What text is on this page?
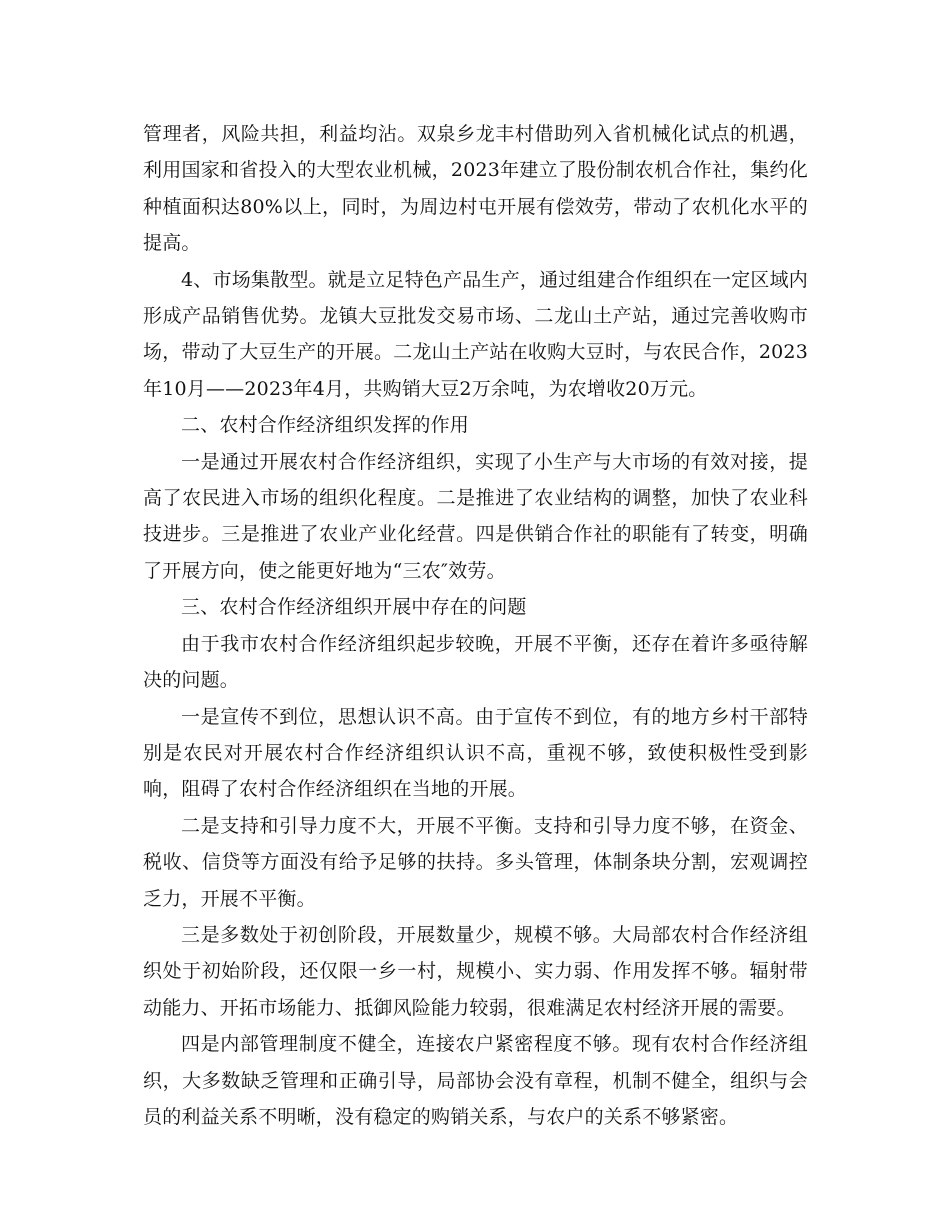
管理者，风险共担，利益均沾。双泉乡龙丰村借助列入省机械化试点的机遇，利用国家和省投入的大型农业机械，2023年建立了股份制农机合作社，集约化种植面积达80%以上，同时，为周边村屯开展有偿效劳，带动了农机化水平的提高。

4、市场集散型。就是立足特色产品生产，通过组建合作组织在一定区域内形成产品销售优势。龙镇大豆批发交易市场、二龙山土产站，通过完善收购市场，带动了大豆生产的开展。二龙山土产站在收购大豆时，与农民合作，2023年10月——2023年4月，共购销大豆2万余吨，为农增收20万元。

二、农村合作经济组织发挥的作用

一是通过开展农村合作经济组织，实现了小生产与大市场的有效对接，提高了农民进入市场的组织化程度。二是推进了农业结构的调整，加快了农业科技进步。三是推进了农业产业化经营。四是供销合作社的职能有了转变，明确了开展方向，使之能更好地为“三农″效劳。

三、农村合作经济组织开展中存在的问题

由于我市农村合作经济组织起步较晚，开展不平衡，还存在着许多亟待解决的问题。

一是宣传不到位，思想认识不高。由于宣传不到位，有的地方乡村干部特别是农民对开展农村合作经济组织认识不高，重视不够，致使积极性受到影响，阻碍了农村合作经济组织在当地的开展。

二是支持和引导力度不大，开展不平衡。支持和引导力度不够，在资金、税收、信贷等方面没有给予足够的扶持。多头管理，体制条块分割，宏观调控乏力，开展不平衡。

三是多数处于初创阶段，开展数量少，规模不够。大局部农村合作经济组织处于初始阶段，还仅限一乡一村，规模小、实力弱、作用发挥不够。辐射带动能力、开拓市场能力、抵御风险能力较弱，很难满足农村经济开展的需要。

四是内部管理制度不健全，连接农户紧密程度不够。现有农村合作经济组织，大多数缺乏管理和正确引导，局部协会没有章程，机制不健全，组织与会员的利益关系不明晰，没有稳定的购销关系，与农户的关系不够紧密。
